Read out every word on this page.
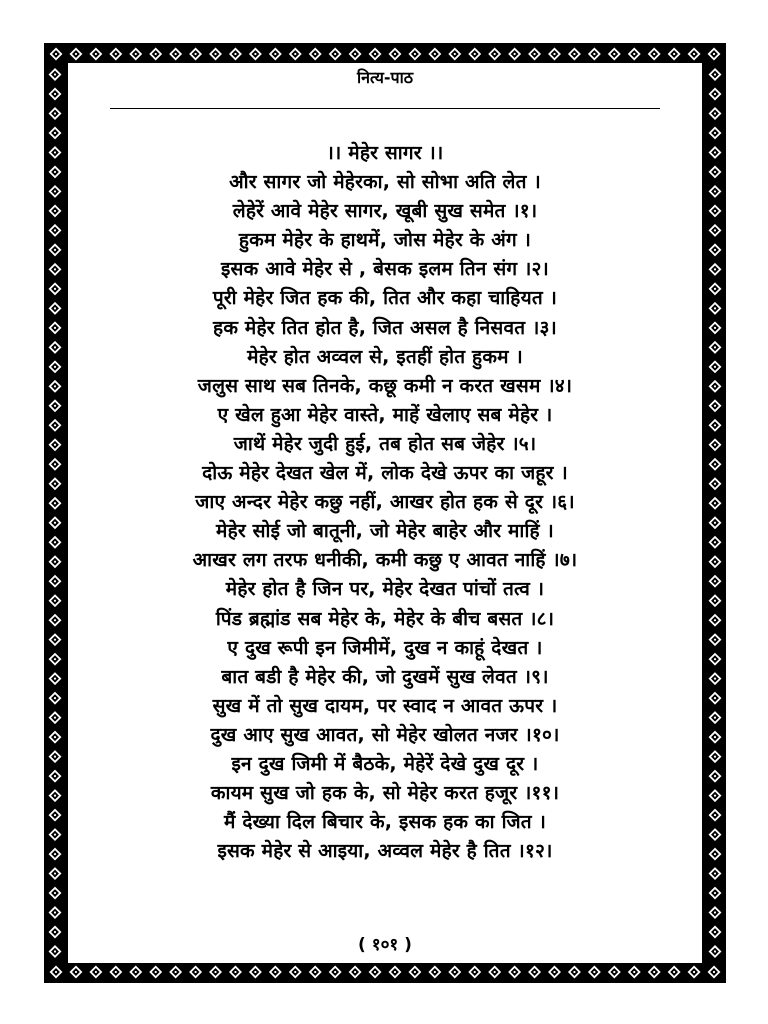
नित्य-पाठ
।। मेहेर सागर ।।
और सागर जो मेहेरका, सो सोभा अति लेत ।
लेहेरें आवे मेहेर सागर, खूबी सुख समेत ।१।
हुकम मेहेर के हाथमें, जोस मेहेर के अंग ।
इसक आवे मेहेर से , बेसक इलम तिन संग ।२।
पूरी मेहेर जित हक की, तित और कहा चाहियत ।
हक मेहेर तित होत है, जित असल है निसवत ।३।
मेहेर होत अव्वल से, इतहीं होत हुकम ।
जलुस साथ सब तिनके, कछू कमी न करत खसम ।४।
ए खेल हुआ मेहेर वास्ते, माहें खेलाए सब मेहेर ।
जाथें मेहेर जुदी हुई, तब होत सब जेहेर ।५।
दोऊ मेहेर देखत खेल में, लोक देखे ऊपर का जहूर ।
जाए अन्दर मेहेर कछु नहीं, आखर होत हक से दूर ।६।
मेहेर सोई जो बातूनी, जो मेहेर बाहेर और माहिं ।
आखर लग तरफ धनीकी, कमी कछु ए आवत नाहिं ।७।
मेहेर होत है जिन पर, मेहेर देखत पांचों तत्व ।
पिंड ब्रह्मांड सब मेहेर के, मेहेर के बीच बसत ।८।
ए दुख रूपी इन जिमीमें, दुख न काहूं देखत ।
बात बडी है मेहेर की, जो दुखमें सुख लेवत ।९।
सुख में तो सुख दायम, पर स्वाद न आवत ऊपर ।
दुख आए सुख आवत, सो मेहेर खोलत नजर ।१०।
इन दुख जिमी में बैठके, मेहेरें देखे दुख दूर ।
कायम सुख जो हक के, सो मेहेर करत हजूर ।११।
मैं देख्या दिल बिचार के, इसक हक का जित ।
इसक मेहेर से आइया, अव्वल मेहेर है तित ।१२।
( १०१ )
